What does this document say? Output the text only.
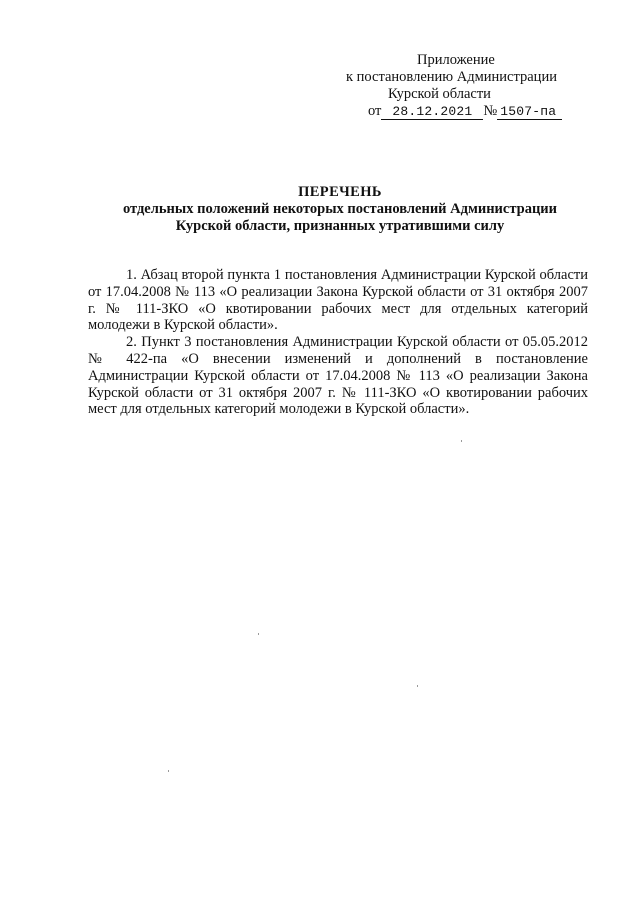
Приложение
к постановлению Администрации
Курской области
от 28.12.2021 № 1507-па
ПЕРЕЧЕНЬ
отдельных положений некоторых постановлений Администрации
Курской области, признанных утратившими силу

1. Абзац второй пункта 1 постановления Администрации Курской области от 17.04.2008 № 113 «О реализации Закона Курской области от 31 октября 2007 г. № 111-ЗКО «О квотировании рабочих мест для отдельных категорий молодежи в Курской области».

2. Пункт 3 постановления Администрации Курской области от 05.05.2012 № 422-па «О внесении изменений и дополнений в постановление Администрации Курской области от 17.04.2008 № 113 «О реализации Закона Курской области от 31 октября 2007 г. № 111-ЗКО «О квотировании рабочих мест для отдельных категорий молодежи в Курской области».
